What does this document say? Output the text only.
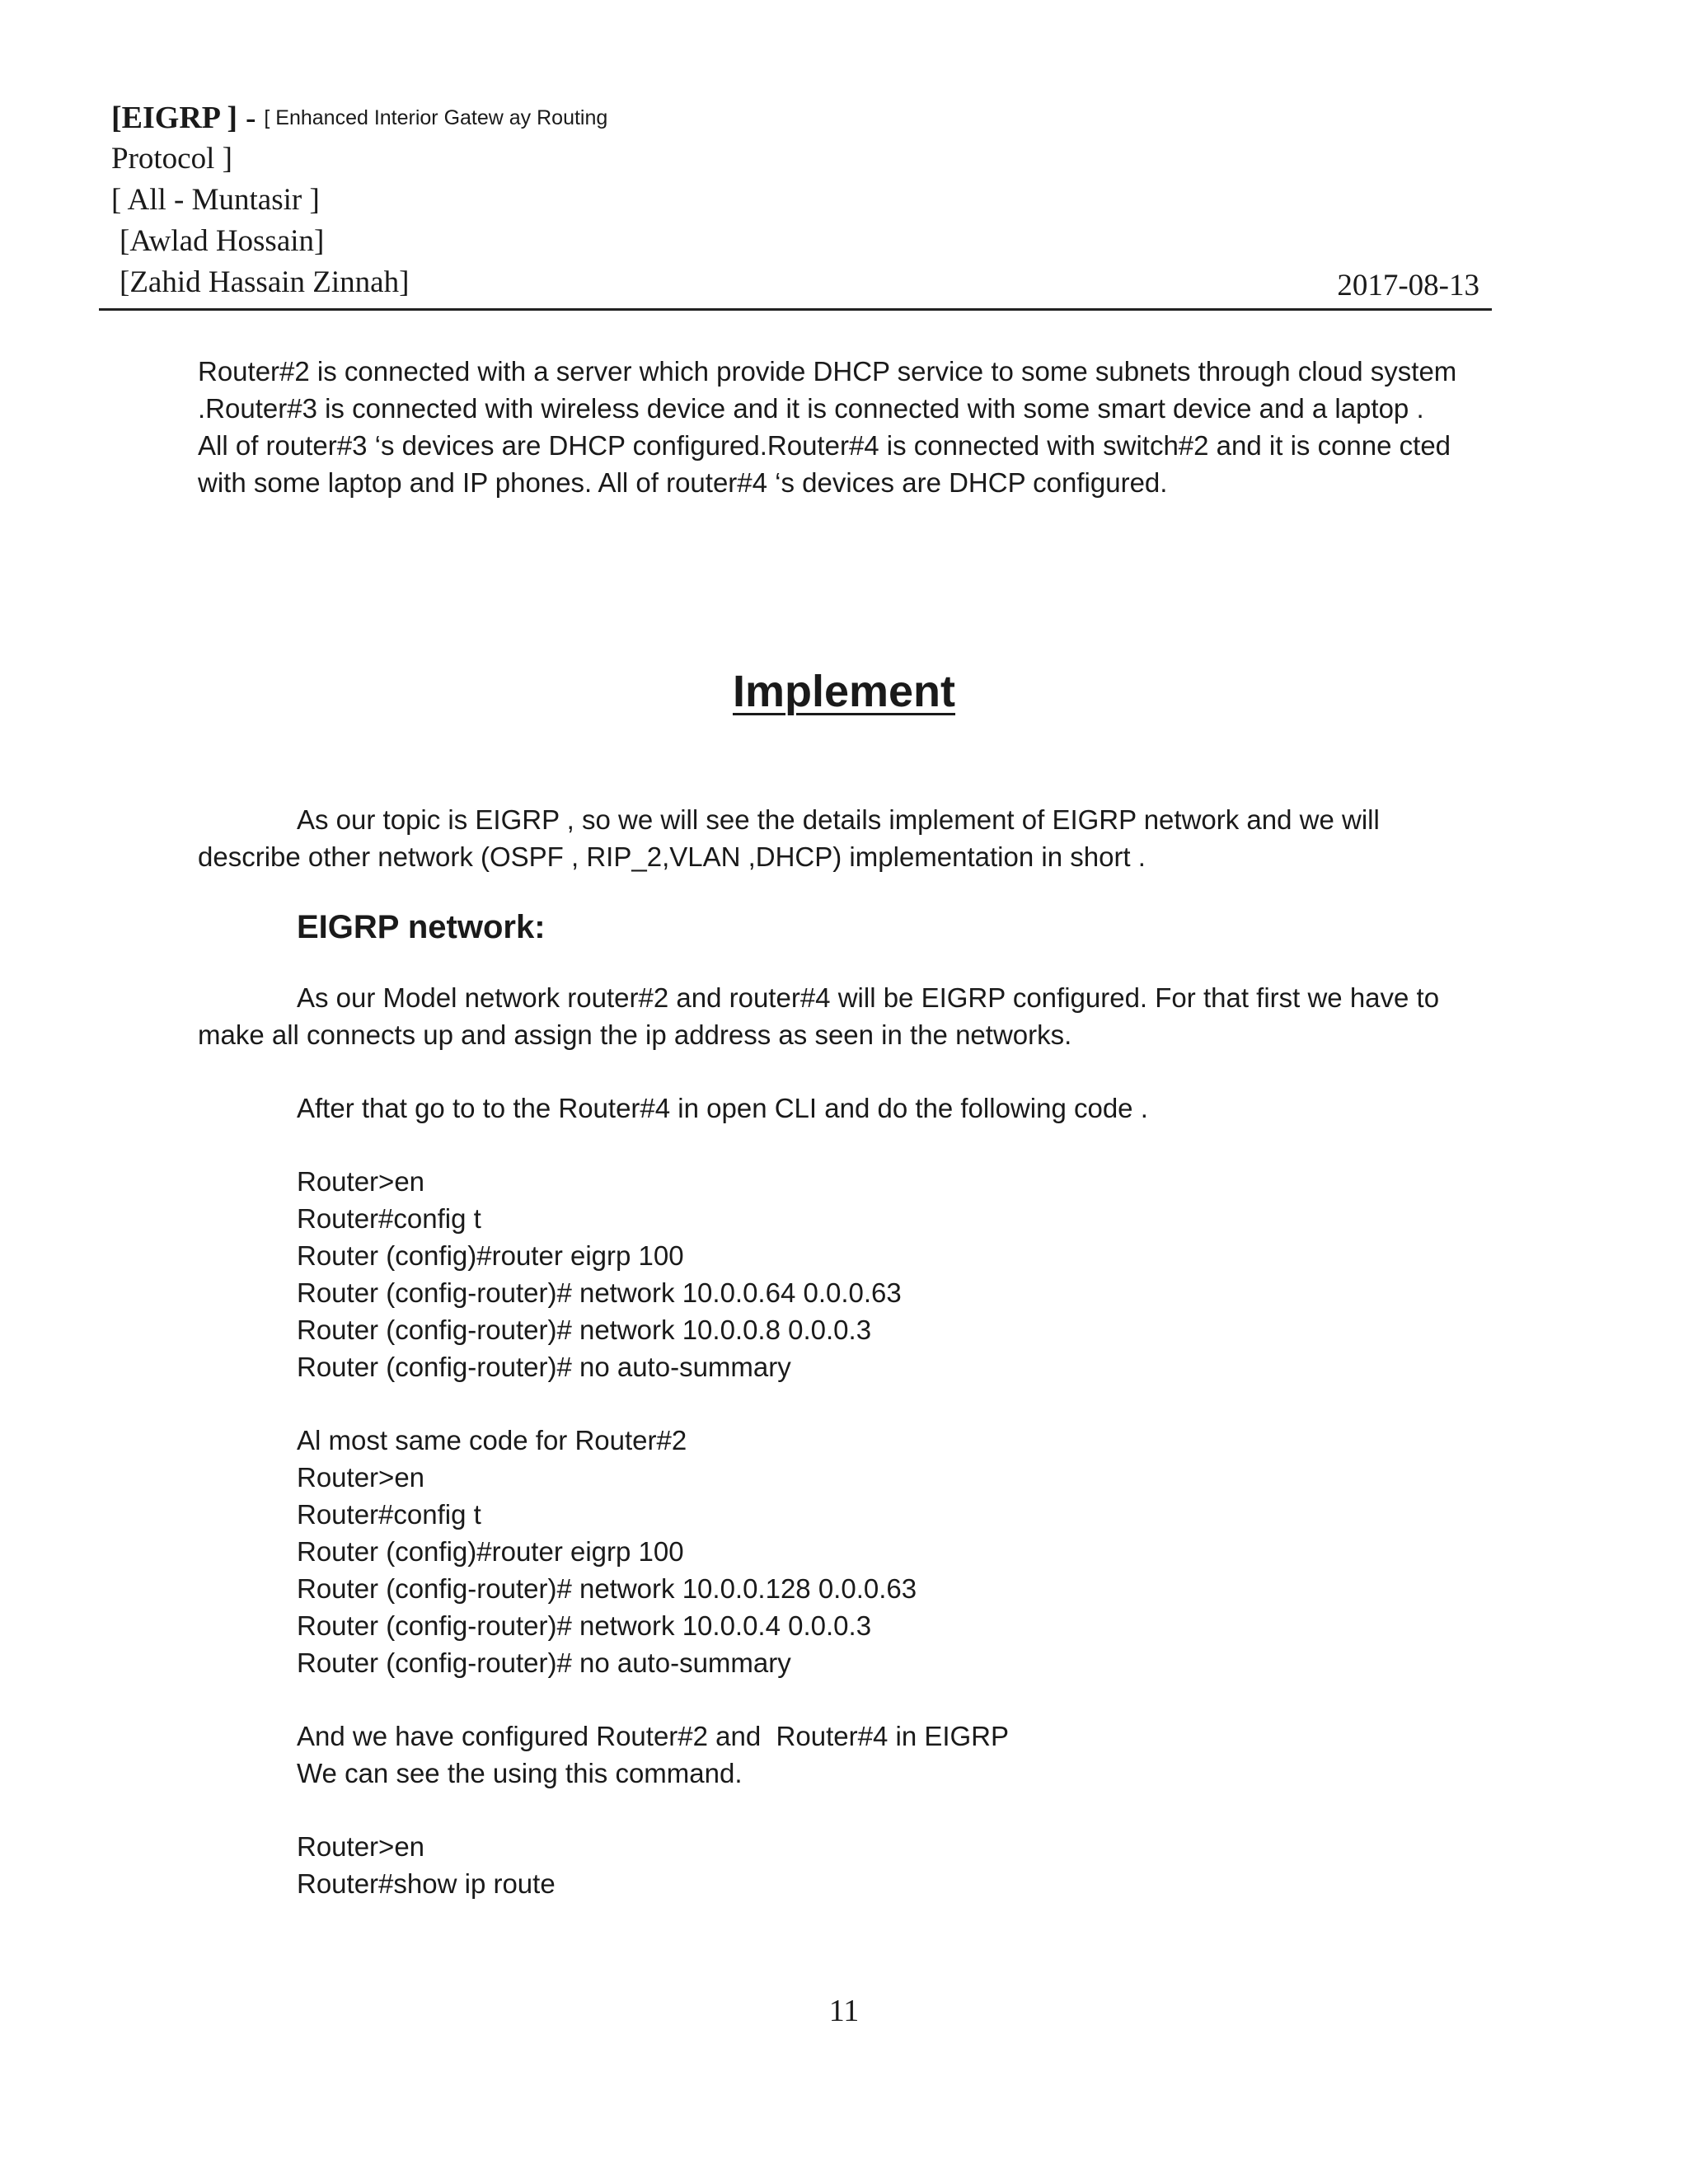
[EIGRP ] - [ Enhanced Interior Gatew ay Routing
Protocol ]
[ All - Muntasir ]
[Awlad Hossain]
[Zahid Hassain Zinnah]	2017-08-13

Router#2 is connected with a server which provide DHCP service to some subnets through cloud system

.Router#3 is connected with wireless device and it is connected with some smart device and a laptop .

All of router#3 ‘s devices are DHCP configured.Router#4 is connected with switch#2 and it is conne cted

with some laptop and IP phones. All of router#4 ‘s devices are DHCP configured.

Implement

As our topic is EIGRP , so we will see the details implement of EIGRP network and we will

describe other network (OSPF , RIP_2,VLAN ,DHCP) implementation in short .

EIGRP network:

As our Model network router#2 and router#4 will be EIGRP configured. For that first we have to

make all connects up and assign the ip address as seen in the networks.

After that go to to the Router#4 in open CLI and do the following code .

Router>en

Router#config t

Router (config)#router eigrp 100

Router (config-router)# network 10.0.0.64 0.0.0.63

Router (config-router)# network 10.0.0.8 0.0.0.3

Router (config-router)# no auto-summary

Al most same code for Router#2

Router>en

Router#config t

Router (config)#router eigrp 100

Router (config-router)# network 10.0.0.128 0.0.0.63

Router (config-router)# network 10.0.0.4 0.0.0.3

Router (config-router)# no auto-summary

And we have configured Router#2 and  Router#4 in EIGRP

We can see the using this command.

Router>en

Router#show ip route

11
